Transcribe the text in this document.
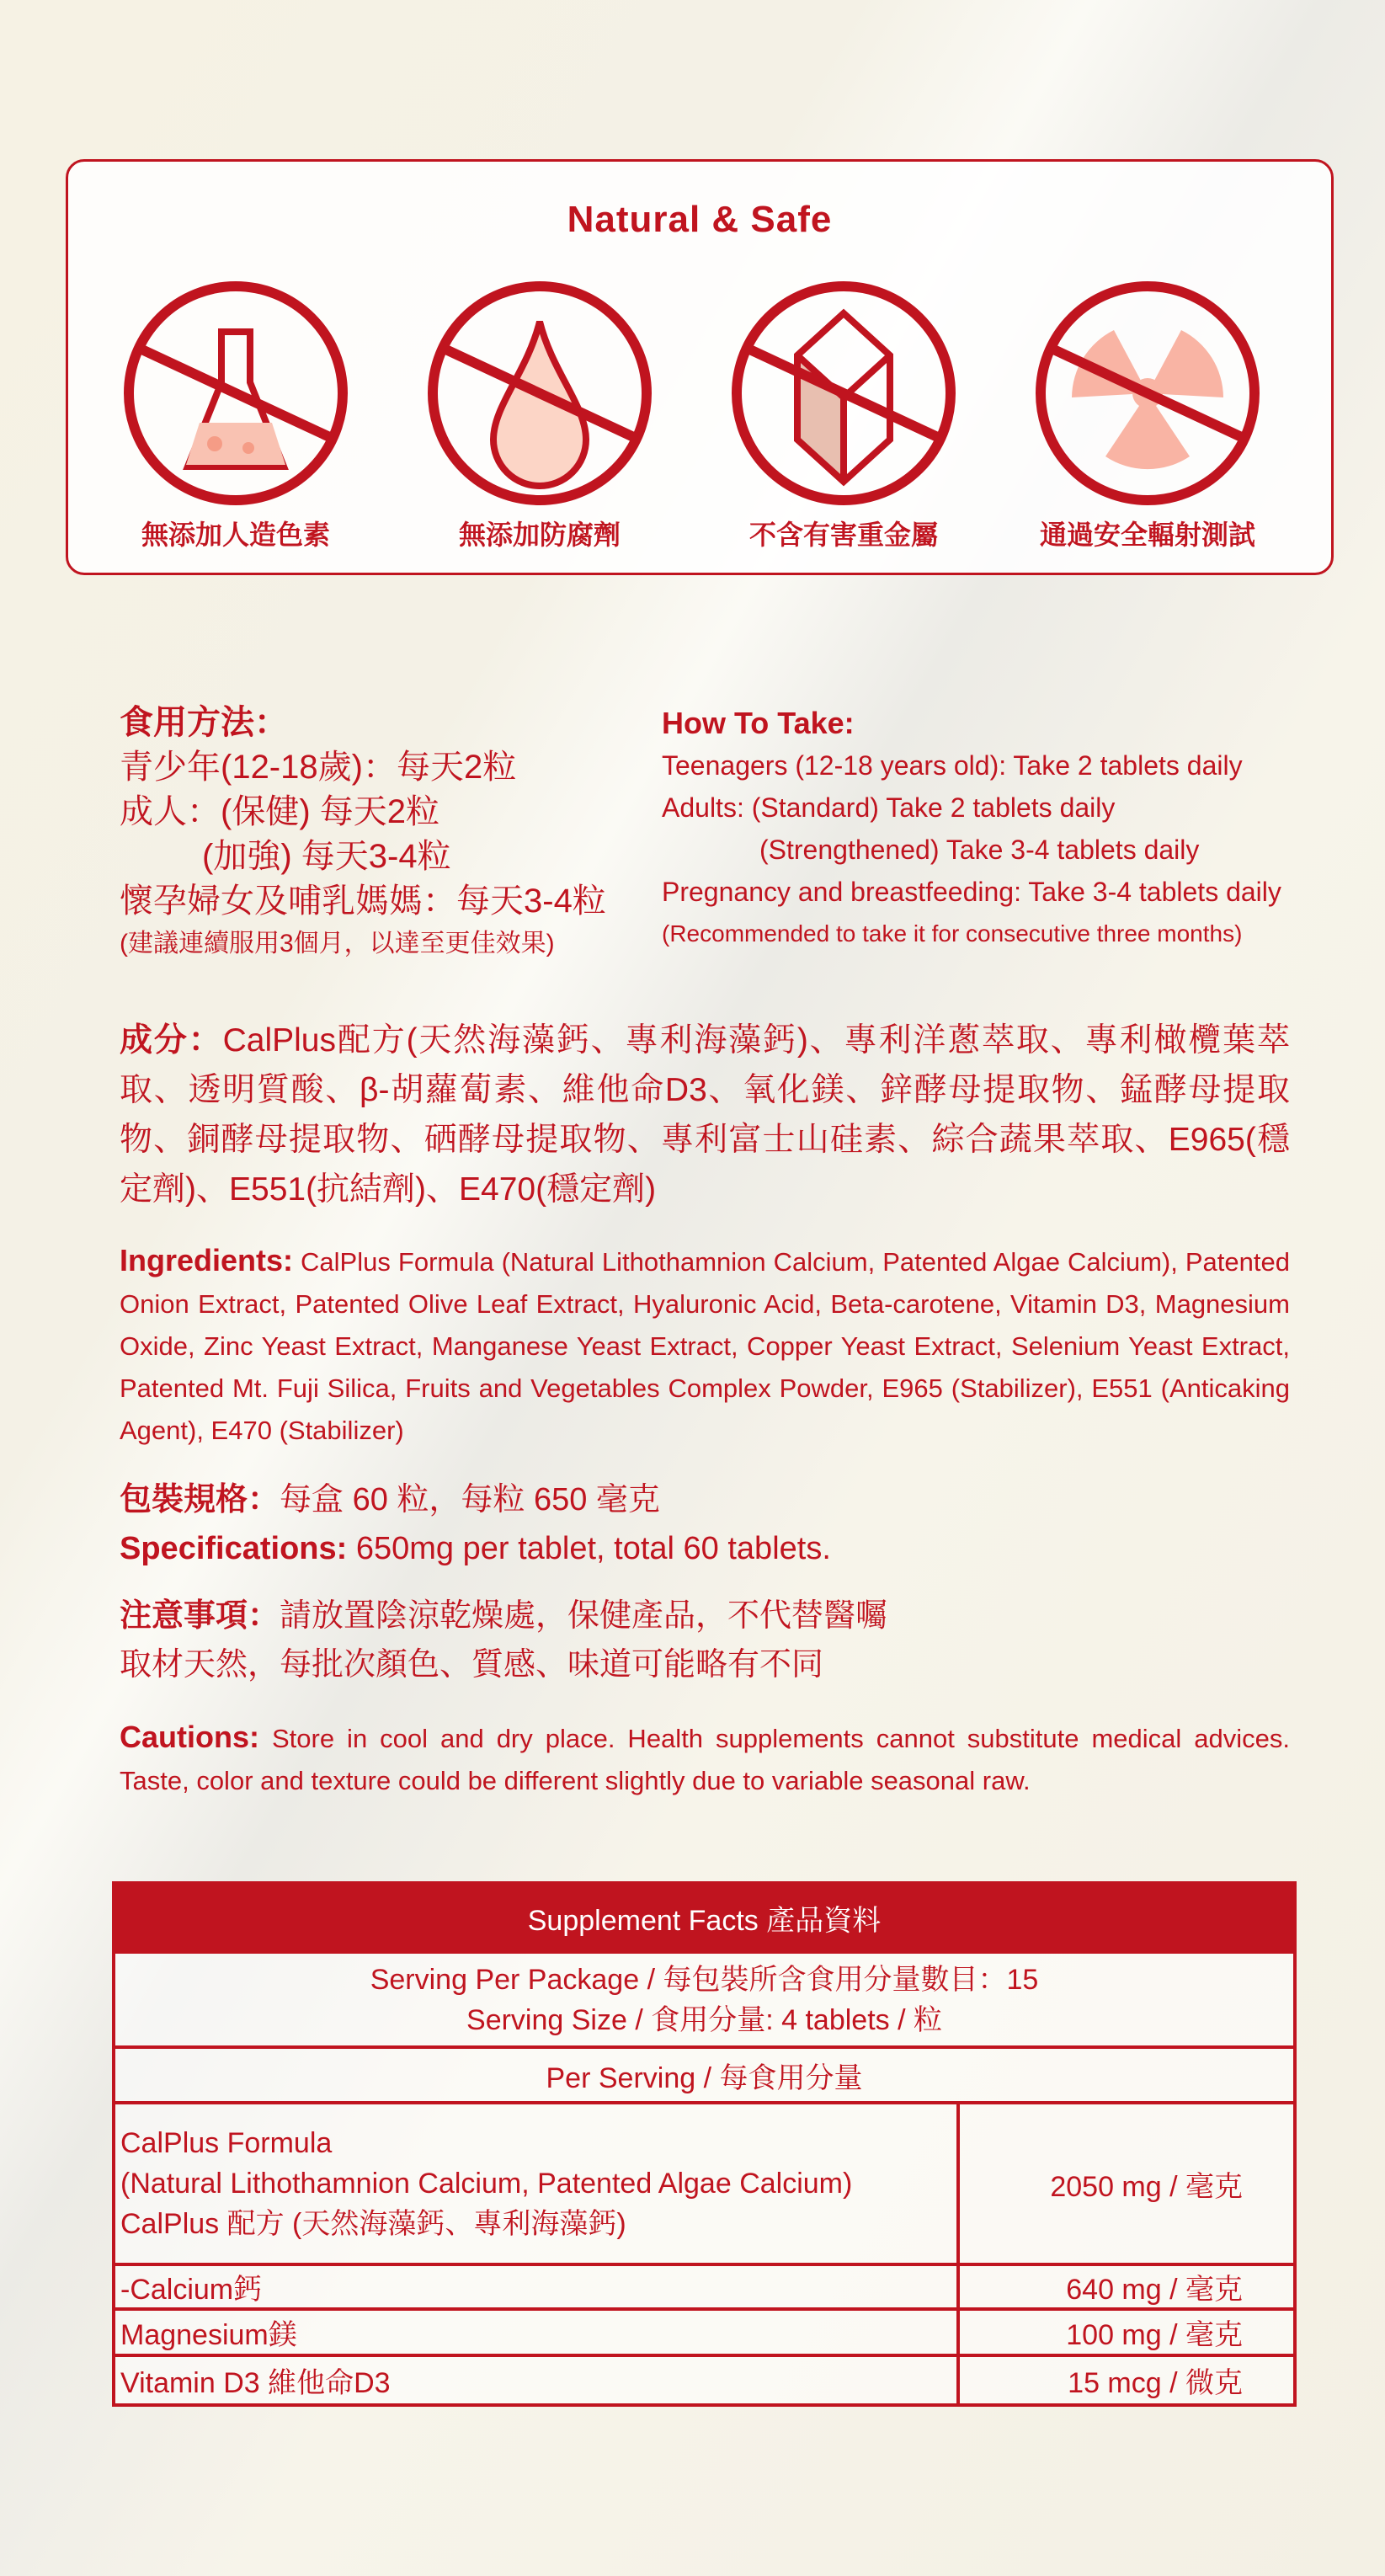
Natural & Safe
無添加人造色素	無添加防腐劑	不含有害重金屬	通過安全輻射測試
食用方法：
青少年(12-18歲)：每天2粒
成人：(保健) 每天2粒
(加強) 每天3-4粒
懷孕婦女及哺乳媽媽：每天3-4粒
(建議連續服用3個月，以達至更佳效果)
How To Take:
Teenagers (12-18 years old): Take 2 tablets daily
Adults: (Standard) Take 2 tablets daily
(Strengthened) Take 3-4 tablets daily
Pregnancy and breastfeeding: Take 3-4 tablets daily
(Recommended to take it for consecutive three months)
成分：CalPlus配方(天然海藻鈣、專利海藻鈣)、專利洋蔥萃取、專利橄欖葉萃取、透明質酸、β-胡蘿蔔素、維他命D3、氧化鎂、鋅酵母提取物、錳酵母提取物、銅酵母提取物、硒酵母提取物、專利富士山硅素、綜合蔬果萃取、E965(穩定劑)、E551(抗結劑)、E470(穩定劑)
Ingredients: CalPlus Formula (Natural Lithothamnion Calcium, Patented Algae Calcium), Patented Onion Extract, Patented Olive Leaf Extract, Hyaluronic Acid, Beta-carotene, Vitamin D3, Magnesium Oxide, Zinc Yeast Extract, Manganese Yeast Extract, Copper Yeast Extract, Selenium Yeast Extract, Patented Mt. Fuji Silica, Fruits and Vegetables Complex Powder, E965 (Stabilizer), E551 (Anticaking Agent), E470 (Stabilizer)
包裝規格：每盒 60 粒，每粒 650 毫克
Specifications: 650mg per tablet, total 60 tablets.
注意事項：請放置陰涼乾燥處，保健產品，不代替醫囑
取材天然，每批次顏色、質感、味道可能略有不同
Cautions: Store in cool and dry place. Health supplements cannot substitute medical advices. Taste, color and texture could be different slightly due to variable seasonal raw.
Supplement Facts 產品資料	

Serving Per Package / 每包裝所含食用分量數目：15
Serving Size / 食用分量: 4 tablets / 粒	

Per Serving / 每食用分量	

CalPlus Formula
(Natural Lithothamnion Calcium, Patented Algae Calcium)
CalPlus 配方 (天然海藻鈣、專利海藻鈣)	2050 mg / 毫克
-Calcium鈣	640 mg / 毫克
Magnesium鎂	100 mg / 毫克
Vitamin D3 維他命D3	15 mcg / 微克
